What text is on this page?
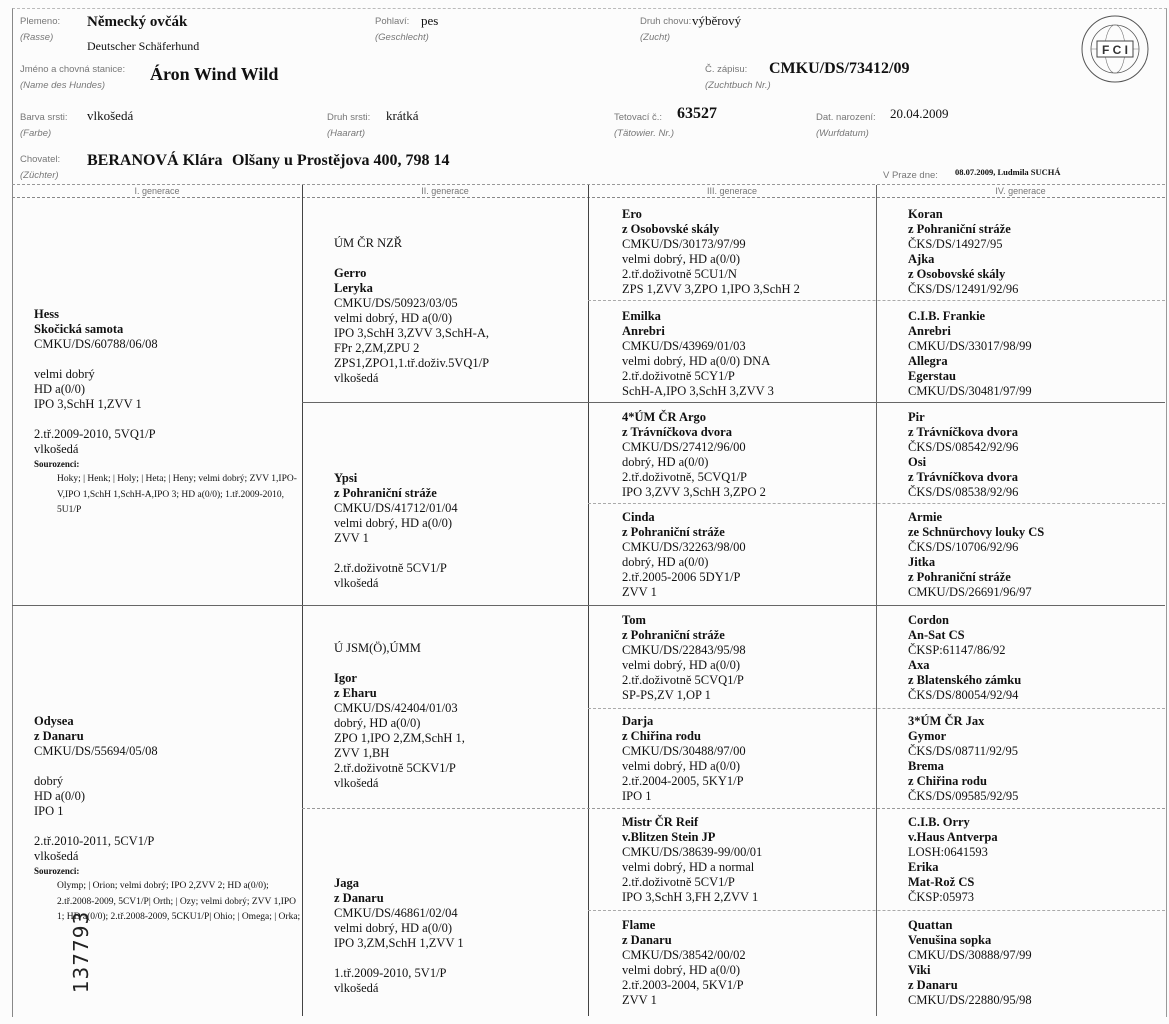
Plemeno:
(Rasse)
Německý ovčák
Deutscher Schäferhund
Pohlaví:
(Geschlecht)
pes	Druh chovu:
(Zucht)
výběrový
Jméno a chovná stanice:
(Name des Hundes)
Áron Wind Wild	Č. zápisu:
(Zuchtbuch Nr.)
CMKU/DS/73412/09
Barva srsti:
(Farbe)
vlkošedá	Druh srsti:
(Haarart)
krátká	Tetovací č.:
(Tätowier. Nr.)
63527	Dat. narození:
(Wurfdatum)
20.04.2009
Chovatel:
(Züchter)
BERANOVÁ Klára Olšany u Prostějova 400, 798 14
V Praze dne: 08.07.2009, Ludmila SUCHÁ
F C I
I. generace	II. generace	III. generace	IV. generace
Hess
Skočická samota
CMKU/DS/60788/06/08
velmi dobrý
HD a(0/0)
IPO 3,SchH 1,ZVV 1
2.tř.2009-2010, 5VQ1/P
vlkošedá
Sourozenci:
Hoky; | Henk; | Holy; | Heta; | Heny; velmi dobrý; ZVV 1,IPO-V,IPO 1,SchH 1,SchH-A,IPO 3; HD a(0/0); 1.tř.2009-2010, 5U1/P
Odysea
z Danaru
CMKU/DS/55694/05/08
dobrý
HD a(0/0)
IPO 1
2.tř.2010-2011, 5CV1/P
vlkošedá
Sourozenci:
Olymp; | Orion; velmi dobrý; IPO 2,ZVV 2; HD a(0/0); 2.tř.2008-2009, 5CV1/P| Orth; | Ozy; velmi dobrý; ZVV 1,IPO 1; HD a(0/0); 2.tř.2008-2009, 5CKU1/P| Ohio; | Omega; | Orka;
ÚM ČR NZŘ
Gerro
Leryka
CMKU/DS/50923/03/05
velmi dobrý, HD a(0/0)
IPO 3,SchH 3,ZVV 3,SchH-A,
FPr 2,ZM,ZPU 2
ZPS1,ZPO1,1.tř.doživ.5VQ1/P
vlkošedá
Ypsi
z Pohraniční stráže
CMKU/DS/41712/01/04
velmi dobrý, HD a(0/0)
ZVV 1
2.tř.doživotně 5CV1/P
vlkošedá
Ú JSM(Ö),ÚMM
Igor
z Eharu
CMKU/DS/42404/01/03
dobrý, HD a(0/0)
ZPO 1,IPO 2,ZM,SchH 1,
ZVV 1,BH
2.tř.doživotně 5CKV1/P
vlkošedá
Jaga
z Danaru
CMKU/DS/46861/02/04
velmi dobrý, HD a(0/0)
IPO 3,ZM,SchH 1,ZVV 1
1.tř.2009-2010, 5V1/P
vlkošedá
Ero
z Osobovské skály
CMKU/DS/30173/97/99
velmi dobrý, HD a(0/0)
2.tř.doživotně 5CU1/N
ZPS 1,ZVV 3,ZPO 1,IPO 3,SchH 2
Emilka
Anrebri
CMKU/DS/43969/01/03
velmi dobrý, HD a(0/0) DNA
2.tř.doživotně 5CY1/P
SchH-A,IPO 3,SchH 3,ZVV 3
4*ÚM ČR Argo
z Trávníčkova dvora
CMKU/DS/27412/96/00
dobrý, HD a(0/0)
2.tř.doživotně, 5CVQ1/P
IPO 3,ZVV 3,SchH 3,ZPO 2
Cinda
z Pohraniční stráže
CMKU/DS/32263/98/00
dobrý, HD a(0/0)
2.tř.2005-2006 5DY1/P
ZVV 1
Tom
z Pohraniční stráže
CMKU/DS/22843/95/98
velmi dobrý, HD a(0/0)
2.tř.doživotně 5CVQ1/P
SP-PS,ZV 1,OP 1
Darja
z Chiřina rodu
CMKU/DS/30488/97/00
velmi dobrý, HD a(0/0)
2.tř.2004-2005, 5KY1/P
IPO 1
Mistr ČR Reif
v.Blitzen Stein JP
CMKU/DS/38639-99/00/01
velmi dobrý, HD a normal
2.tř.doživotně 5CV1/P
IPO 3,SchH 3,FH 2,ZVV 1
Flame
z Danaru
CMKU/DS/38542/00/02
velmi dobrý, HD a(0/0)
2.tř.2003-2004, 5KV1/P
ZVV 1
Koran
z Pohraniční stráže
ČKS/DS/14927/95
Ajka
z Osobovské skály
ČKS/DS/12491/92/96
C.I.B. Frankie
Anrebri
CMKU/DS/33017/98/99
Allegra
Egerstau
CMKU/DS/30481/97/99
Pir
z Trávníčkova dvora
ČKS/DS/08542/92/96
Osi
z Trávníčkova dvora
ČKS/DS/08538/92/96
Armie
ze Schnürchovy louky CS
ČKS/DS/10706/92/96
Jitka
z Pohraniční stráže
CMKU/DS/26691/96/97
Cordon
An-Sat CS
ČKSP:61147/86/92
Axa
z Blatenského zámku
ČKS/DS/80054/92/94
3*ÚM ČR Jax
Gymor
ČKS/DS/08711/92/95
Brema
z Chiřina rodu
ČKS/DS/09585/92/95
C.I.B. Orry
v.Haus Antverpa
LOSH:0641593
Erika
Mat-Rož CS
ČKSP:05973
Quattan
Venušina sopka
CMKU/DS/30888/97/99
Viki
z Danaru
CMKU/DS/22880/95/98
137793
